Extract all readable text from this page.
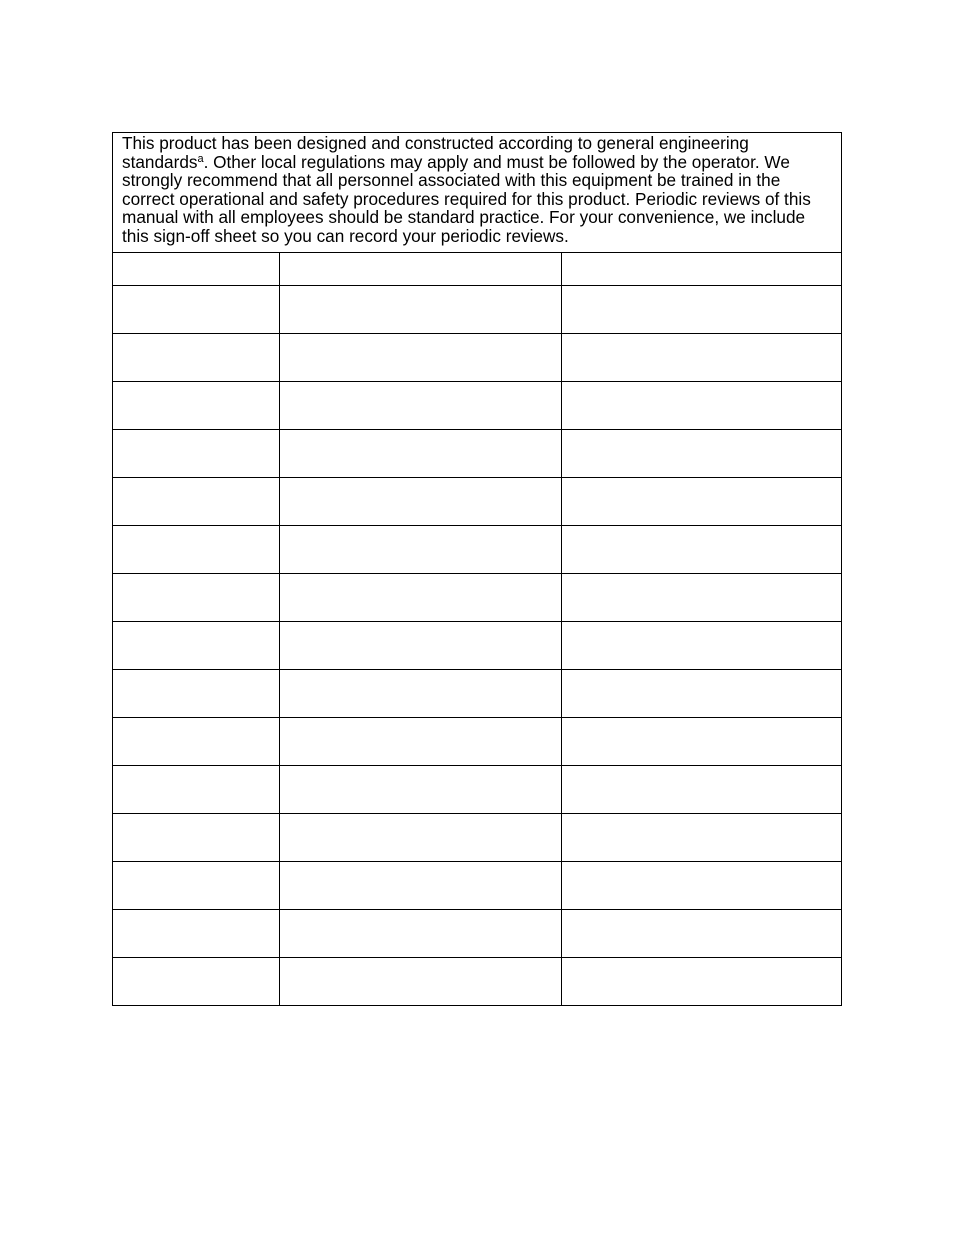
This product has been designed and constructed according to general engineering standards$^a$. Other local regulations may apply and must be followed by the operator. We strongly recommend that all personnel associated with this equipment be trained in the correct operational and safety procedures required for this product. Periodic reviews of this manual with all employees should be standard practice. For your convenience, we include this sign-off sheet so you can record your periodic reviews.		
